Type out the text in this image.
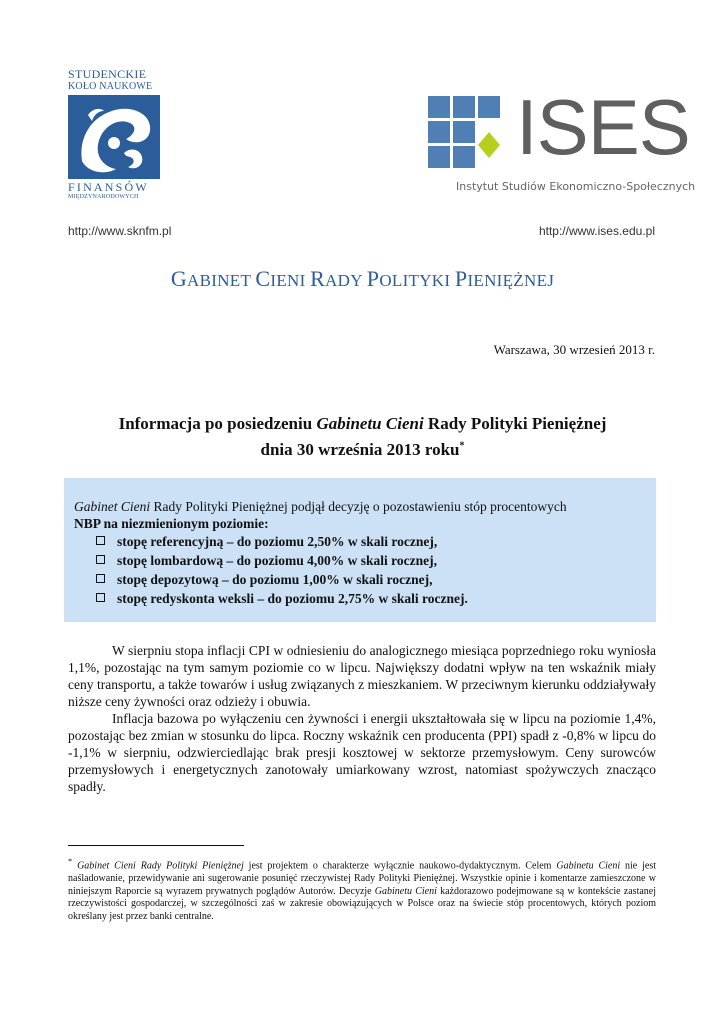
STUDENCKIE
KOŁO NAUKOWE
FINANSÓW
MIĘDZYNARODOWYCH
ISES
Instytut Studiów Ekonomiczno-Społecznych
http://www.sknfm.pl	http://www.ises.edu.pl
GABINET CIENI RADY POLITYKI PIENIĘŻNEJ
Warszawa, 30 wrzesień 2013 r.
Informacja po posiedzeniu Gabinetu Cieni Rady Polityki Pieniężnej
dnia 30 września 2013 roku*
Gabinet Cieni Rady Polityki Pieniężnej podjął decyzję o pozostawieniu stóp procentowych
NBP na niezmienionym poziomie:
stopę referencyjną – do poziomu 2,50% w skali rocznej,
stopę lombardową – do poziomu 4,00% w skali rocznej,
stopę depozytową – do poziomu 1,00% w skali rocznej,
stopę redyskonta weksli – do poziomu 2,75% w skali rocznej.

W sierpniu stopa inflacji CPI w odniesieniu do analogicznego miesiąca poprzedniego roku wyniosła 1,1%, pozostając na tym samym poziomie co w lipcu. Największy dodatni wpływ na ten wskaźnik miały ceny transportu, a także towarów i usług związanych z mieszkaniem. W przeciwnym kierunku oddziaływały niższe ceny żywności oraz odzieży i obuwia.

Inflacja bazowa po wyłączeniu cen żywności i energii ukształtowała się w lipcu na poziomie 1,4%, pozostając bez zmian w stosunku do lipca. Roczny wskaźnik cen producenta (PPI) spadł z -0,8% w lipcu do -1,1% w sierpniu, odzwierciedlając brak presji kosztowej w sektorze przemysłowym. Ceny surowców przemysłowych i energetycznych zanotowały umiarkowany wzrost, natomiast spożywczych znacząco spadły.

* Gabinet Cieni Rady Polityki Pieniężnej jest projektem o charakterze wyłącznie naukowo-dydaktycznym. Celem Gabinetu Cieni nie jest naśladowanie, przewidywanie ani sugerowanie posunięć rzeczywistej Rady Polityki Pieniężnej. Wszystkie opinie i komentarze zamieszczone w niniejszym Raporcie są wyrazem prywatnych poglądów Autorów. Decyzje Gabinetu Cieni każdorazowo podejmowane są w kontekście zastanej rzeczywistości gospodarczej, w szczególności zaś w zakresie obowiązujących w Polsce oraz na świecie stóp procentowych, których poziom określany jest przez banki centralne.
